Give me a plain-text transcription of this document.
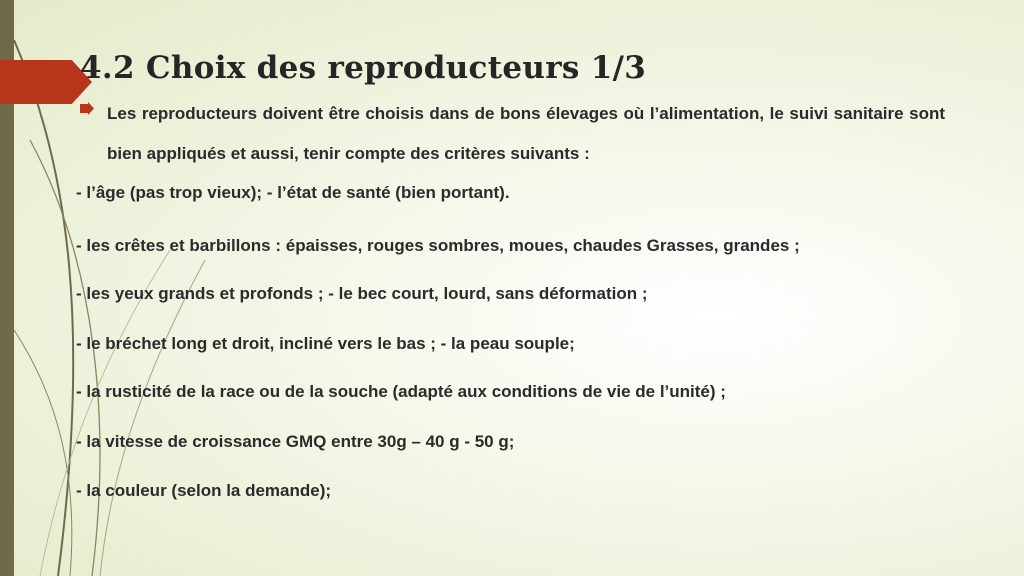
4.2 Choix des reproducteurs 1/3

Les reproducteurs doivent être choisis dans de bons élevages où l’alimentation, le suivi sanitaire sont bien appliqués et aussi, tenir compte des critères suivants :

- l’âge (pas trop vieux); - l’état de santé (bien portant).

- les crêtes et barbillons : épaisses, rouges sombres, moues, chaudes Grasses, grandes ;

- les yeux grands et profonds ; - le bec court, lourd, sans déformation ;

- le bréchet long et droit, incliné vers le bas ; - la peau souple;

- la rusticité de la race ou de la souche (adapté aux conditions de vie de l’unité) ;

- la vitesse de croissance GMQ entre 30g – 40 g - 50 g;

- la couleur (selon la demande);
